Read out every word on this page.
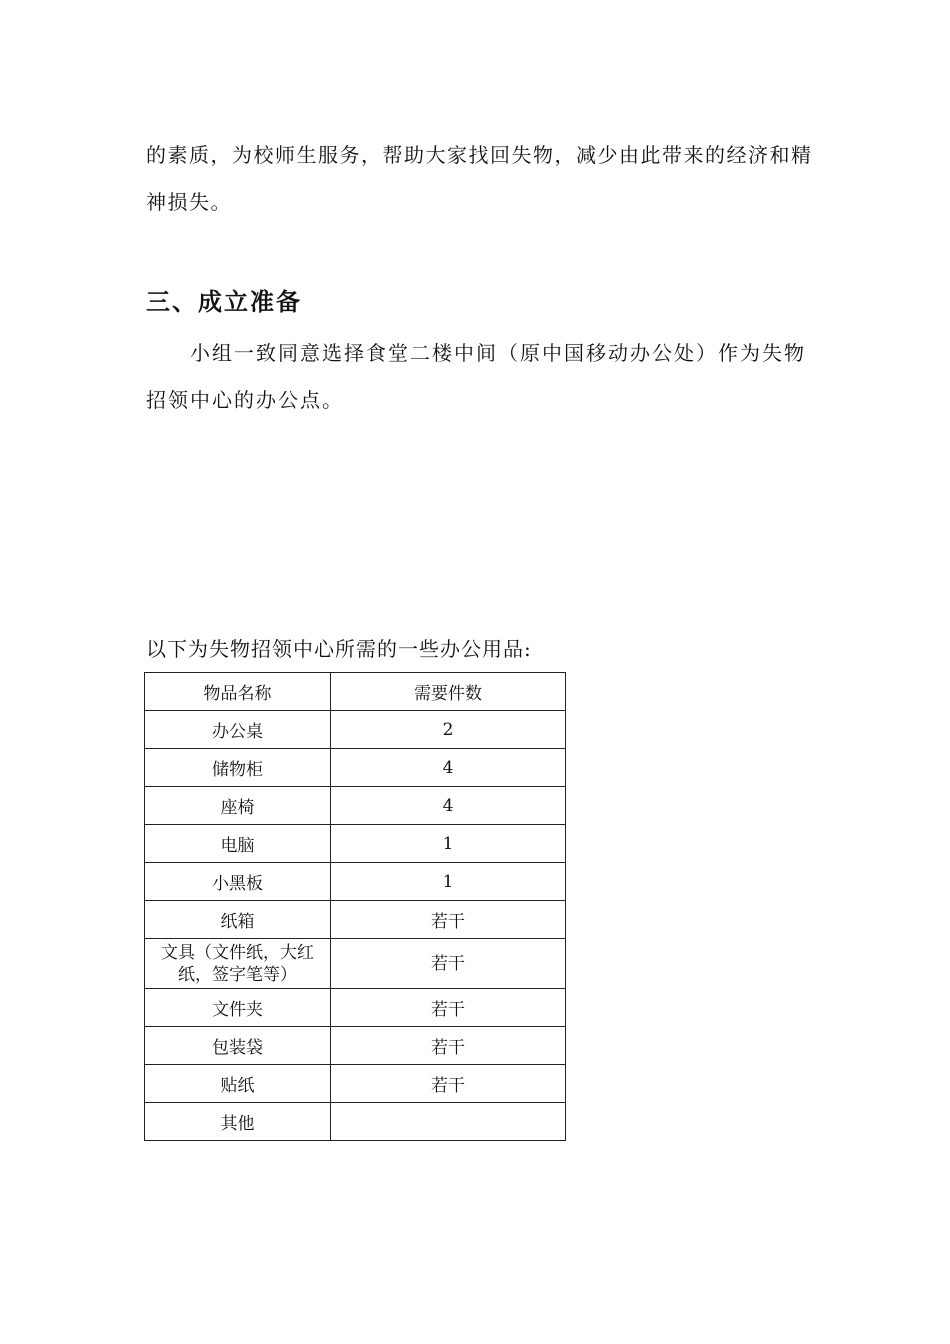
的素质，为校师生服务，帮助大家找回失物，减少由此带来的经济和精神损失。

三、成立准备

小组一致同意选择食堂二楼中间（原中国移动办公处）作为失物招领中心的办公点。

以下为失物招领中心所需的一些办公用品:

物品名称	需要件数
办公桌	2
储物柜	4
座椅	4
电脑	1
小黑板	1
纸箱	若干
文具（文件纸，大红纸，签字笔等）	若干
文件夹	若干
包装袋	若干
贴纸	若干
其他	
